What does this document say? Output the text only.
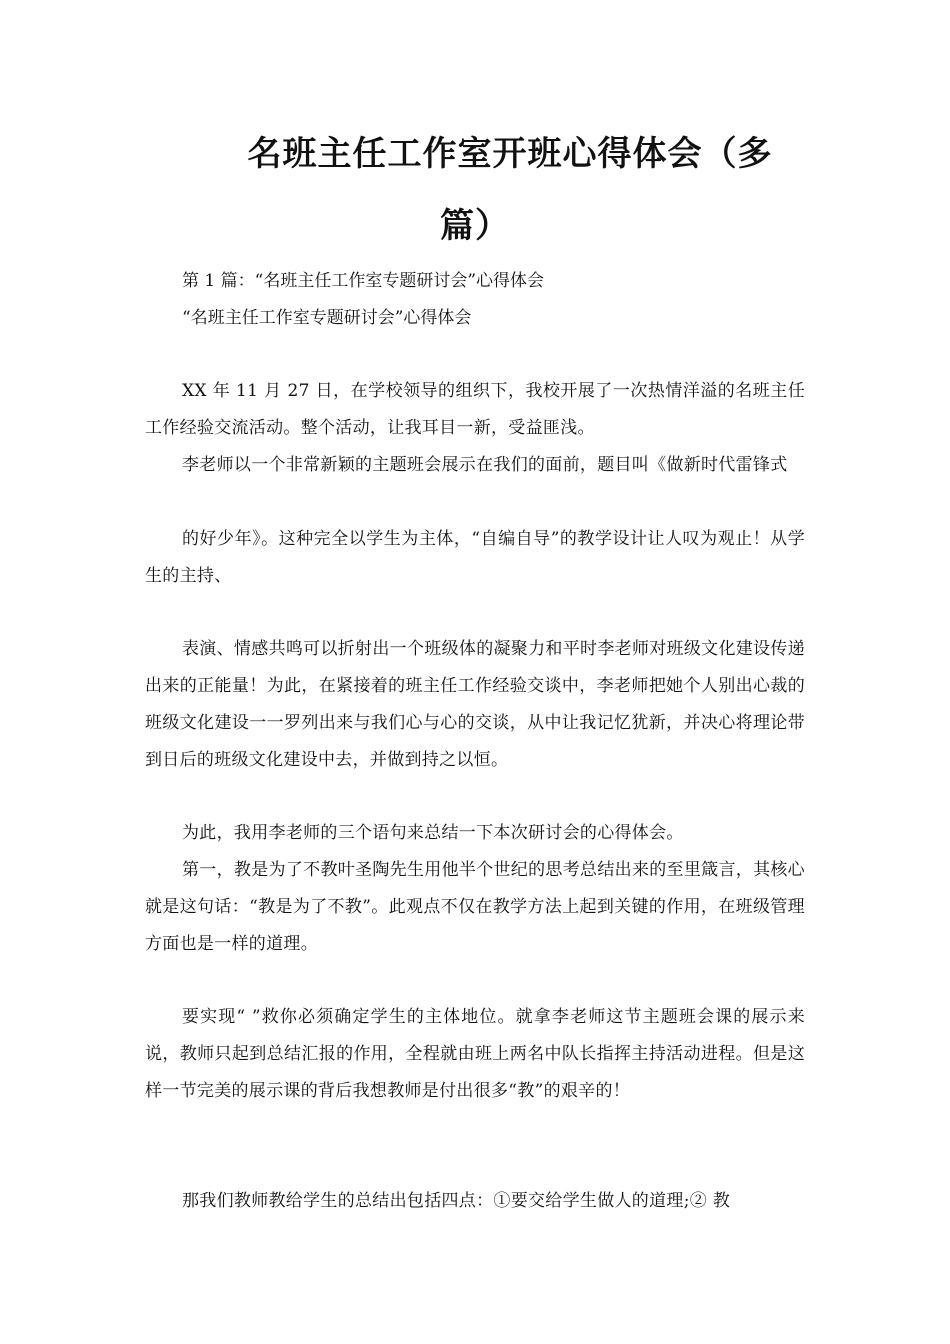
名班主任工作室开班心得体会（多
篇）

第 1 篇：“名班主任工作室专题研讨会”心得体会

“名班主任工作室专题研讨会”心得体会

XX 年 11 月 27 日，在学校领导的组织下，我校开展了一次热情洋溢的名班主任工作经验交流活动。整个活动，让我耳目一新，受益匪浅。

李老师以一个非常新颖的主题班会展示在我们的面前，题目叫《做新时代雷锋式

的好少年》。这种完全以学生为主体，“自编自导”的教学设计让人叹为观止！从学生的主持、

表演、情感共鸣可以折射出一个班级体的凝聚力和平时李老师对班级文化建设传递出来的正能量！为此，在紧接着的班主任工作经验交谈中，李老师把她个人别出心裁的班级文化建设一一罗列出来与我们心与心的交谈，从中让我记忆犹新，并决心将理论带到日后的班级文化建设中去，并做到持之以恒。

为此，我用李老师的三个语句来总结一下本次研讨会的心得体会。

第一，教是为了不教叶圣陶先生用他半个世纪的思考总结出来的至里箴言，其核心就是这句话：“教是为了不教”。此观点不仅在教学方法上起到关键的作用，在班级管理方面也是一样的道理。

要实现“ ”救你必须确定学生的主体地位。就拿李老师这节主题班会课的展示来说，教师只起到总结汇报的作用，全程就由班上两名中队长指挥主持活动进程。但是这样一节完美的展示课的背后我想教师是付出很多“教”的艰辛的！

那我们教师教给学生的总结出包括四点：①要交给学生做人的道理;② 教
